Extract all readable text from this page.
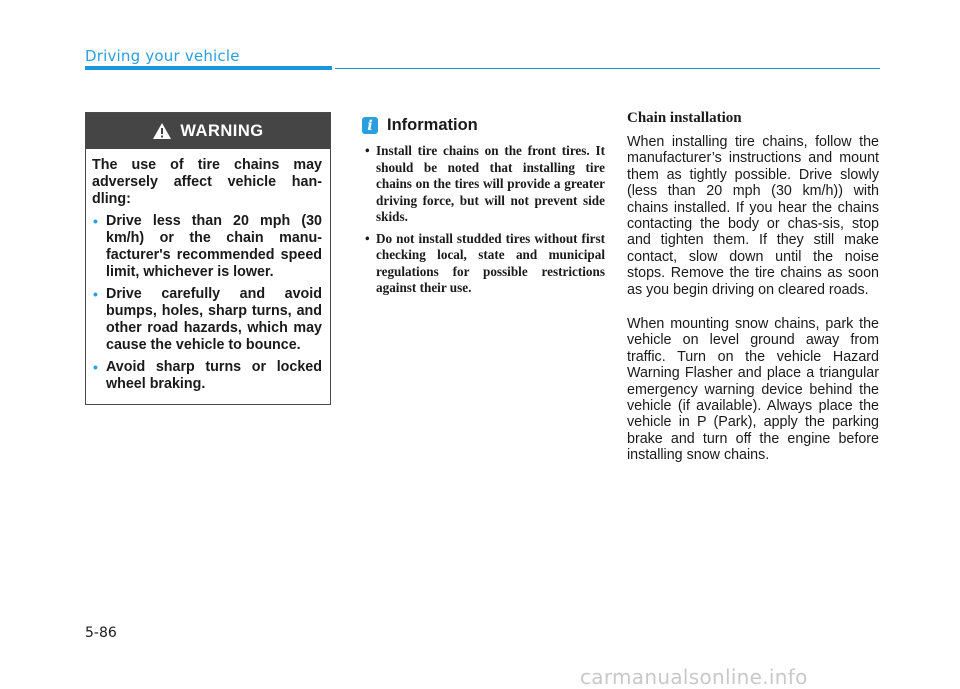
Driving your vehicle
WARNING

The use of tire chains may adversely affect vehicle han-dling:

• Drive less than 20 mph (30 km/h) or the chain manu-facturer's recommended speed limit, whichever is lower.
• Drive carefully and avoid bumps, holes, sharp turns, and other road hazards, which may cause the vehicle to bounce.
• Avoid sharp turns or locked wheel braking.
i Information
• Install tire chains on the front tires. It should be noted that installing tire chains on the tires will provide a greater driving force, but will not prevent side skids.
• Do not install studded tires without first checking local, state and municipal regulations for possible restrictions against their use.
Chain installation

When installing tire chains, follow the manufacturer’s instructions and mount them as tightly possible. Drive slowly (less than 20 mph (30 km/h)) with chains installed. If you hear the chains contacting the body or chas-sis, stop and tighten them. If they still make contact, slow down until the noise stops. Remove the tire chains as soon as you begin driving on cleared roads.

When mounting snow chains, park the vehicle on level ground away from traffic. Turn on the vehicle Hazard Warning Flasher and place a triangular emergency warning device behind the vehicle (if available). Always place the vehicle in P (Park), apply the parking brake and turn off the engine before installing snow chains.

5-86
carmanualsonline.info
